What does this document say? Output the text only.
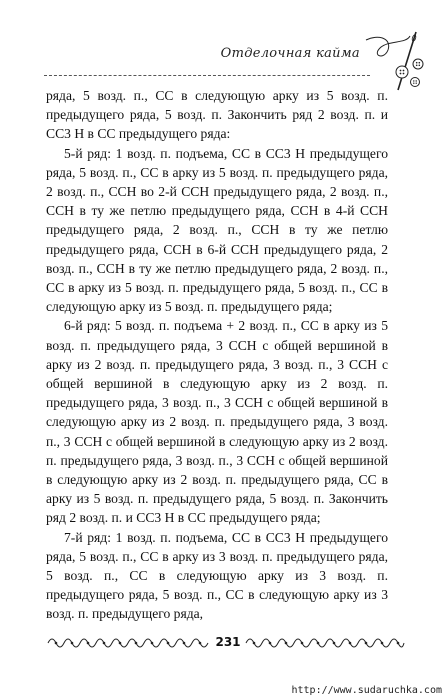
Отделочная кайма

ряда, 5 возд. п., СС в следующую арку из 5 возд. п. предыдущего ряда, 5 возд. п. Закончить ряд 2 возд. п. и СС3 Н в СС предыдущего ряда:

5-й ряд: 1 возд. п. подъема, СС в СС3 Н предыдущего ряда, 5 возд. п., СС в арку из 5 возд. п. предыдущего ряда, 2 возд. п., ССН во 2-й ССН предыдущего ряда, 2 возд. п., ССН в ту же петлю предыдущего ряда, ССН в 4-й ССН предыдущего ряда, 2 возд. п., ССН в ту же петлю предыдущего ряда, ССН в 6-й ССН предыдущего ряда, 2 возд. п., ССН в ту же петлю предыдущего ряда, 2 возд. п., СС в арку из 5 возд. п. предыдущего ряда, 5 возд. п., СС в следующую арку из 5 возд. п. предыдущего ряда;

6-й ряд: 5 возд. п. подъема + 2 возд. п., СС в арку из 5 возд. п. предыдущего ряда, 3 ССН с общей вершиной в арку из 2 возд. п. предыдущего ряда, 3 возд. п., 3 ССН с общей вершиной в следующую арку из 2 возд. п. предыдущего ряда, 3 возд. п., 3 ССН с общей вершиной в следующую арку из 2 возд. п. предыдущего ряда, 3 возд. п., 3 ССН с общей вершиной в следующую арку из 2 возд. п. предыдущего ряда, 3 возд. п., 3 ССН с общей вершиной в следующую арку из 2 возд. п. предыдущего ряда, СС в арку из 5 возд. п. предыдущего ряда, 5 возд. п. Закончить ряд 2 возд. п. и СС3 Н в СС предыдущего ряда;

7-й ряд: 1 возд. п. подъема, СС в СС3 Н предыдущего ряда, 5 возд. п., СС в арку из 3 возд. п. предыдущего ряда, 5 возд. п., СС в следующую арку из 3 возд. п. предыдущего ряда, 5 возд. п., СС в следующую арку из 3 возд. п. предыдущего ряда,

231
http://www.sudaruchka.com
